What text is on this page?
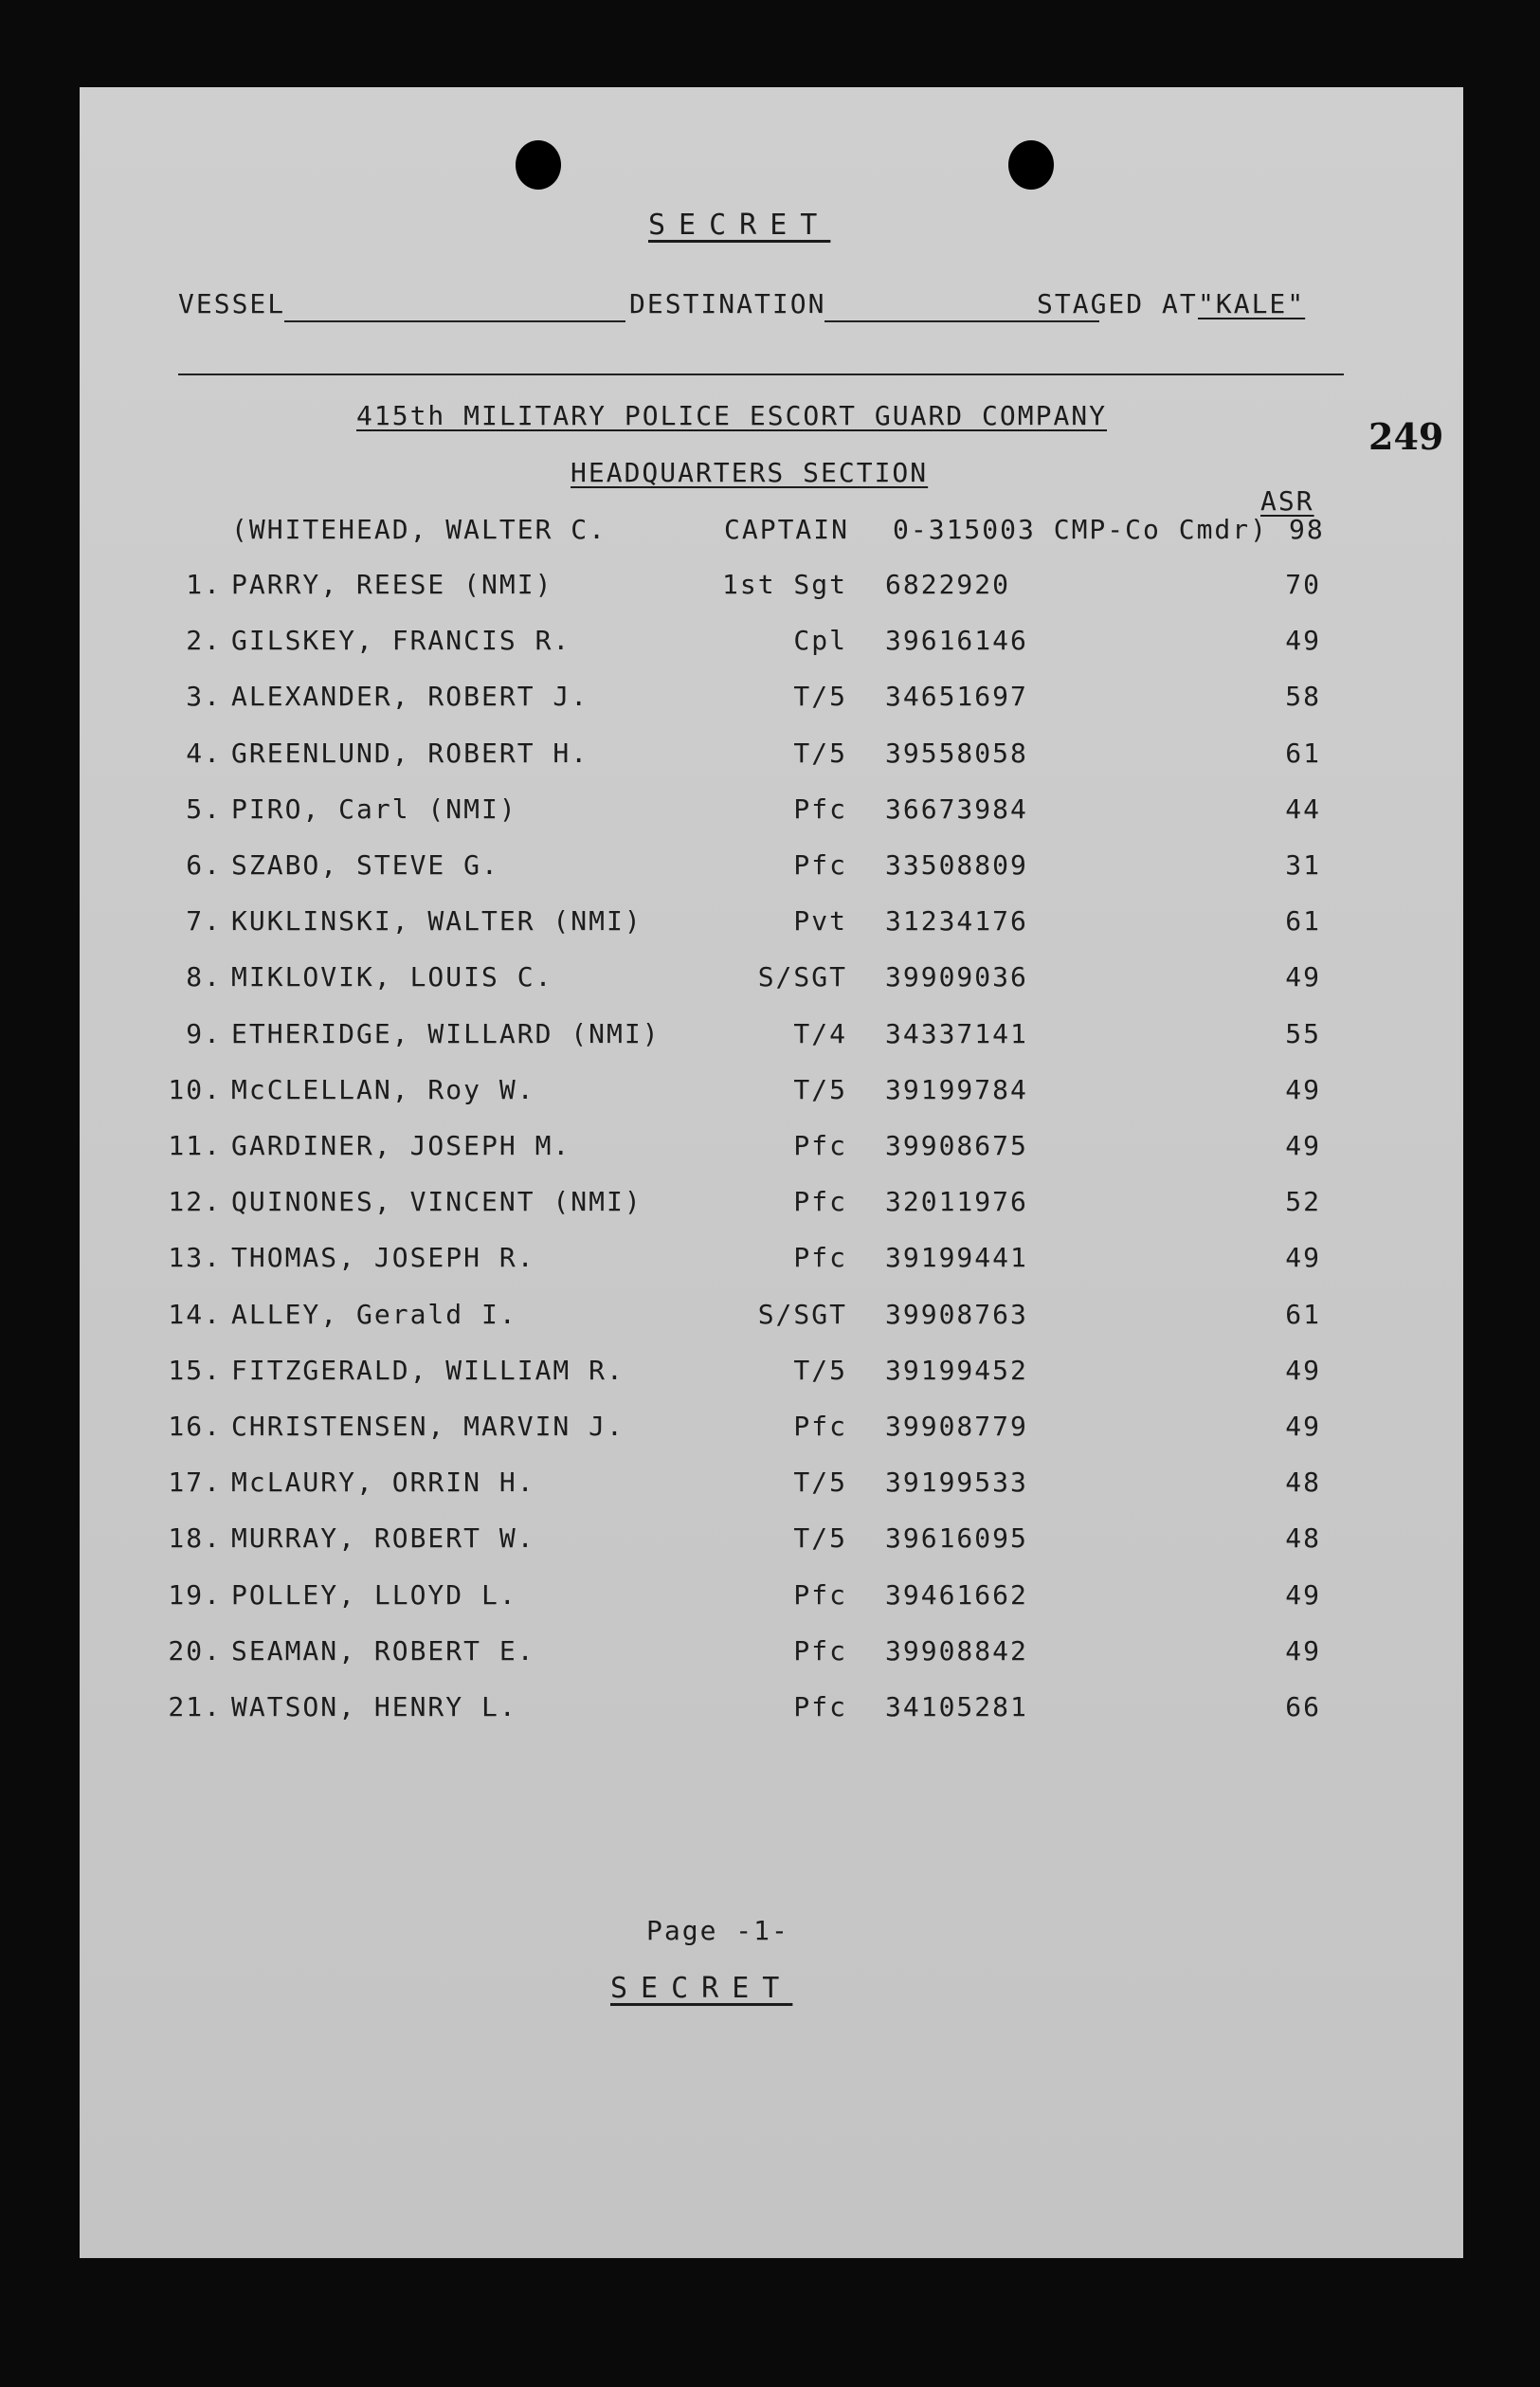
SECRET
VESSEL	DESTINATION	STAGED AT "KALE"
415th MILITARY POLICE ESCORT GUARD COMPANY	249
HEADQUARTERS SECTION
ASR
(WHITEHEAD, WALTER C.	CAPTAIN 0-315003 CMP-Co Cmdr) 98
1. PARRY, REESE (NMI)	1st Sgt 6822920	70
2. GILSKEY, FRANCIS R.	Cpl 39616146	49
3. ALEXANDER, ROBERT J.	T/5 34651697	58
4. GREENLUND, ROBERT H.	T/5 39558058	61
5. PIRO, Carl (NMI)	Pfc 36673984	44
6. SZABO, STEVE G.	Pfc 33508809	31
7. KUKLINSKI, WALTER (NMI)	Pvt 31234176	61
8. MIKLOVIK, LOUIS C.	S/SGT 39909036	49
9. ETHERIDGE, WILLARD (NMI)	T/4 34337141	55
10. McCLELLAN, Roy W.	T/5 39199784	49
11. GARDINER, JOSEPH M.	Pfc 39908675	49
12. QUINONES, VINCENT (NMI)	Pfc 32011976	52
13. THOMAS, JOSEPH R.	Pfc 39199441	49
14. ALLEY, Gerald I.	S/SGT 39908763	61
15. FITZGERALD, WILLIAM R.	T/5 39199452	49
16. CHRISTENSEN, MARVIN J.	Pfc 39908779	49
17. McLAURY, ORRIN H.	T/5 39199533	48
18. MURRAY, ROBERT W.	T/5 39616095	48
19. POLLEY, LLOYD L.	Pfc 39461662	49
20. SEAMAN, ROBERT E.	Pfc 39908842	49
21. WATSON, HENRY L.	Pfc 34105281	66
Page -1-
SECRET
